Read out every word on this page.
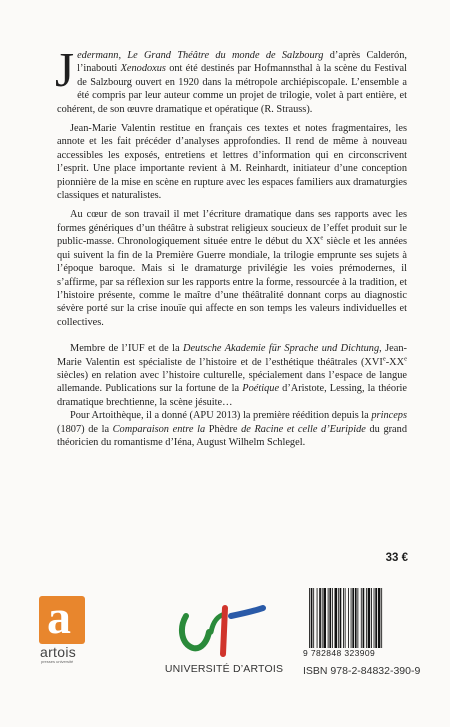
Jedermann, Le Grand Théâtre du monde de Salzbourg d’après Calderón, l’inabouti Xenodoxus ont été destinés par Hofmannsthal à la scène du Festival de Salzbourg ouvert en 1920 dans la métropole archiépiscopale. L’ensemble a été compris par leur auteur comme un projet de trilogie, volet à part entière, et cohérent, de son œuvre dramatique et opératique (R. Strauss).

Jean-Marie Valentin restitue en français ces textes et notes fragmentaires, les annote et les fait précéder d’analyses approfondies. Il rend de même à nouveau accessibles les exposés, entretiens et lettres d’information qui en circonscrivent l’esprit. Une place importante revient à M. Reinhardt, initiateur d’une conception pionnière de la mise en scène en rupture avec les espaces familiers aux dramaturgies classiques et naturalistes.

Au cœur de son travail il met l’écriture dramatique dans ses rapports avec les formes génériques d’un théâtre à substrat religieux soucieux de l’effet produit sur le public-masse. Chronologiquement située entre le début du XXe siècle et les années qui suivent la fin de la Première Guerre mondiale, la trilogie emprunte ses sujets à l’époque baroque. Mais si le dramaturge privilégie les voies prémodernes, il s’affirme, par sa réflexion sur les rapports entre la forme, ressourcée à la tradition, et l’histoire présente, comme le maître d’une théâtralité donnant corps au diagnostic sévère porté sur la crise inouïe qui affecte en son temps les valeurs individuelles et collectives.

Membre de l’IUF et de la Deutsche Akademie für Sprache und Dichtung, Jean-Marie Valentin est spécialiste de l’histoire et de l’esthétique théâtrales (XVIe-XXe siècles) en relation avec l’histoire culturelle, spécialement dans l’espace de langue allemande. Publications sur la fortune de la Poétique d’Aristote, Lessing, la théorie dramatique brechtienne, la scène jésuite…

Pour Artoithèque, il a donné (APU 2013) la première réédition depuis la princeps (1807) de la Comparaison entre la Phèdre de Racine et celle d’Euripide du grand théoricien du romantisme d’Iéna, August Wilhelm Schlegel.

33 €
a
artois
presses université
UNIVERSITÉ D’ARTOIS
9 782848 323909
ISBN 978-2-84832-390-9
